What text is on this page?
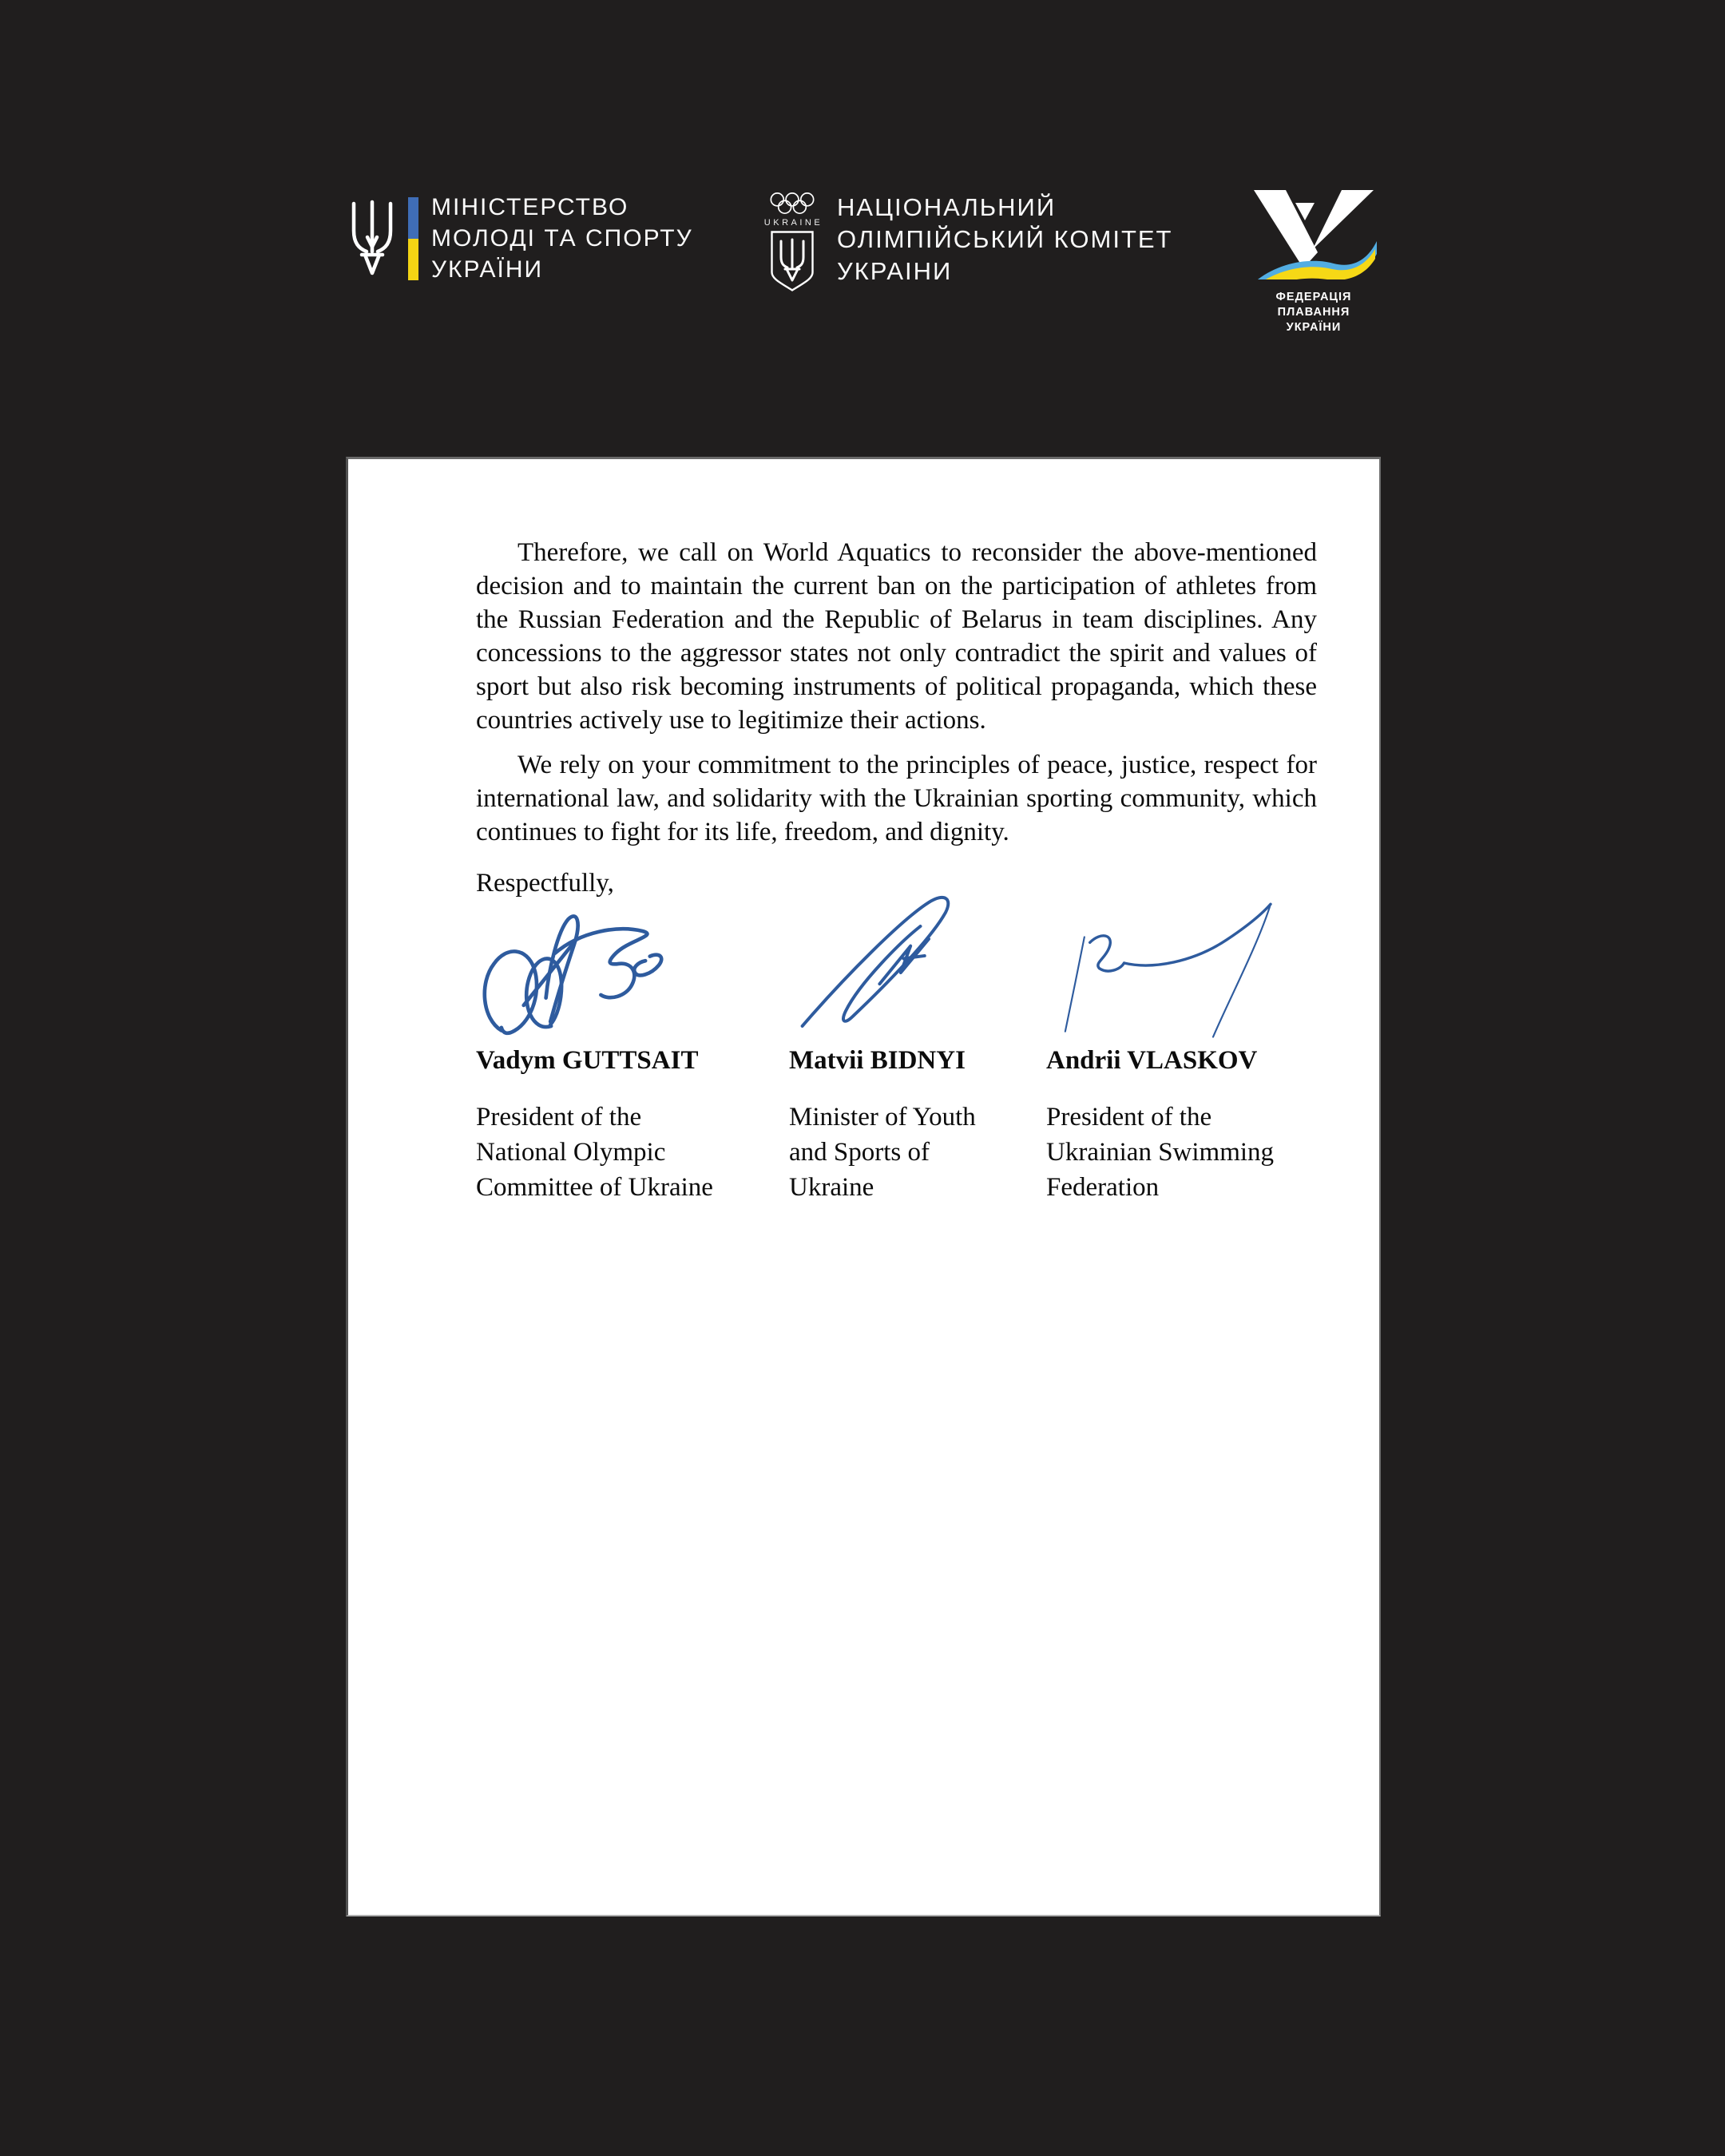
МІНІСТЕРСТВО
МОЛОДІ ТА СПОРТУ
УКРАЇНИ
UKRAINE
НАЦІОНАЛЬНИЙ
ОЛІМПІЙСЬКИЙ КОМІТЕТ
УКРАІНИ
ФЕДЕРАЦІЯ ПЛАВАННЯ
УКРАЇНИ

Therefore, we call on World Aquatics to reconsider the above-mentioned decision and to maintain the current ban on the participation of athletes from the Russian Federation and the Republic of Belarus in team disciplines. Any concessions to the aggressor states not only contradict the spirit and values of sport but also risk becoming instruments of political propaganda, which these countries actively use to legitimize their actions.

We rely on your commitment to the principles of peace, justice, respect for international law, and solidarity with the Ukrainian sporting community, which continues to fight for its life, freedom, and dignity.

Respectfully,

Vadym GUTTSAIT	Matvii BIDNYI	Andrii VLASKOV
President of the National Olympic Committee of Ukraine
Minister of Youth and Sports of Ukraine
President of the Ukrainian Swimming Federation
